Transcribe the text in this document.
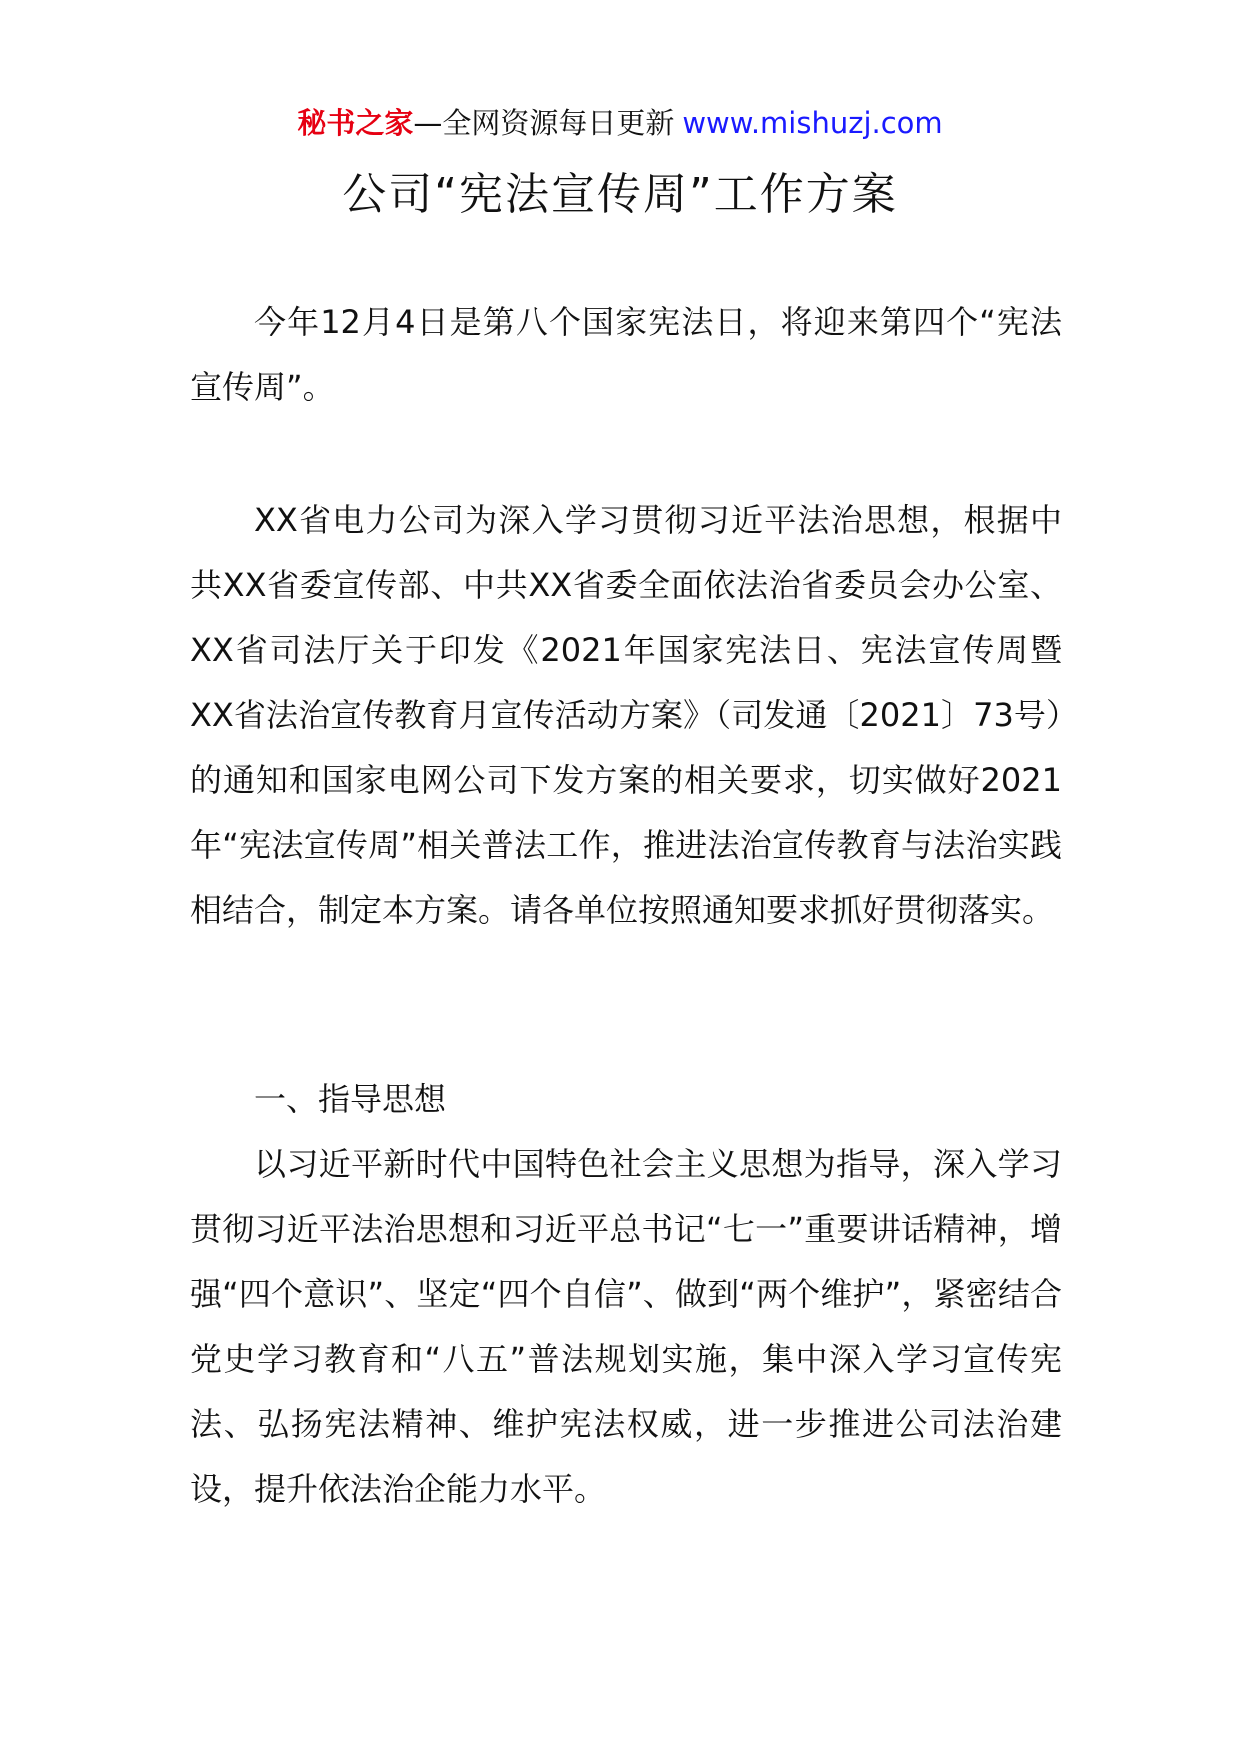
秘书之家—全网资源每日更新 www.mishuzj.com
公司“宪法宣传周”工作方案

今年12月4日是第八个国家宪法日，将迎来第四个“宪法宣传周”。

XX省电力公司为深入学习贯彻习近平法治思想，根据中共XX省委宣传部、中共XX省委全面依法治省委员会办公室、XX省司法厅关于印发《2021年国家宪法日、宪法宣传周暨XX省法治宣传教育月宣传活动方案》（司发通〔2021〕73号）的通知和国家电网公司下发方案的相关要求，切实做好2021年“宪法宣传周”相关普法工作，推进法治宣传教育与法治实践相结合，制定本方案。请各单位按照通知要求抓好贯彻落实。

一、指导思想

以习近平新时代中国特色社会主义思想为指导，深入学习贯彻习近平法治思想和习近平总书记“七一”重要讲话精神，增强“四个意识”、坚定“四个自信”、做到“两个维护”，紧密结合党史学习教育和“八五”普法规划实施，集中深入学习宣传宪法、弘扬宪法精神、维护宪法权威，进一步推进公司法治建设，提升依法治企能力水平。
